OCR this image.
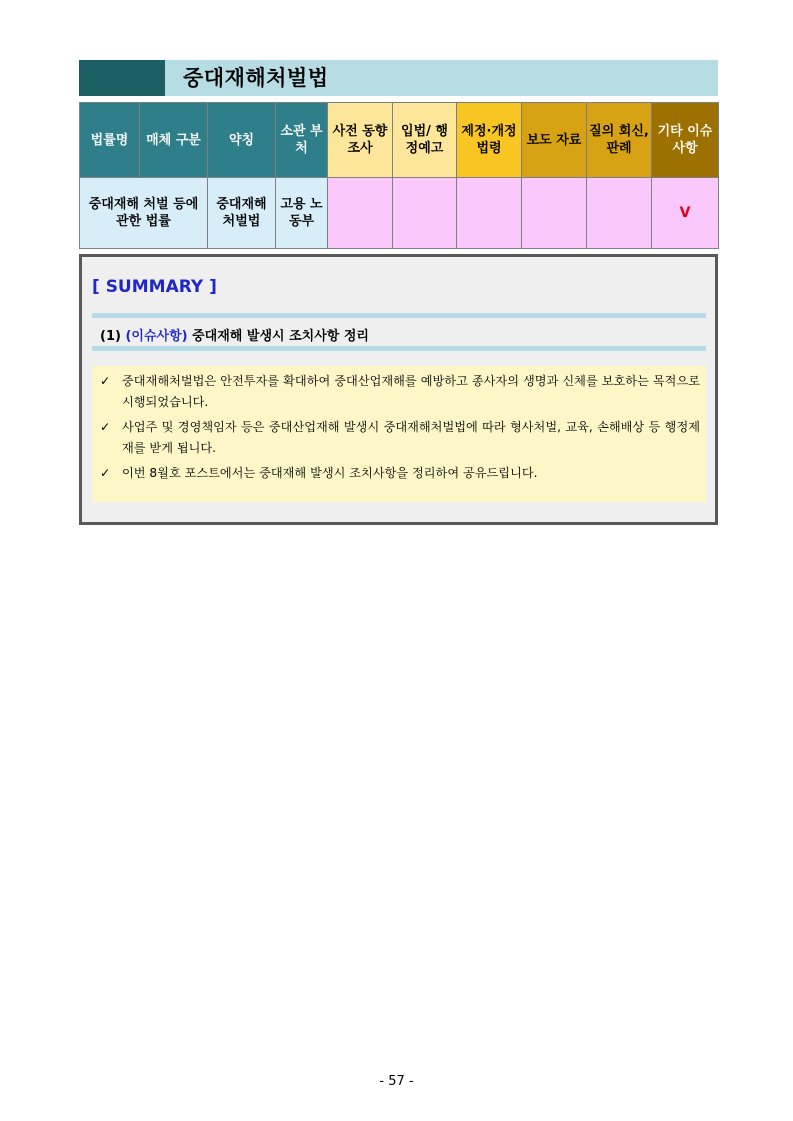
중대재해처벌법
법률명	매체 구분	약칭	소관 부처	사전 동향조사	입법/ 행정예고	제정·개정 법령	보도 자료	질의 회신, 판례	기타 이슈 사항
중대재해 처벌 등에 관한 법률		중대재해 처벌법	고용 노동부						V
[ SUMMARY ]
(1) (이슈사항) 중대재해 발생시 조치사항 정리
✓ 중대재해처벌법은 안전투자를 확대하여 중대산업재해를 예방하고 종사자의 생명과 신체를 보호하는 목적으로 시행되었습니다.
✓ 사업주 및 경영책임자 등은 중대산업재해 발생시 중대재해처벌법에 따라 형사처벌, 교육, 손해배상 등 행정제재를 받게 됩니다.
✓ 이번 8월호 포스트에서는 중대재해 발생시 조치사항을 정리하여 공유드립니다.
- 57 -
